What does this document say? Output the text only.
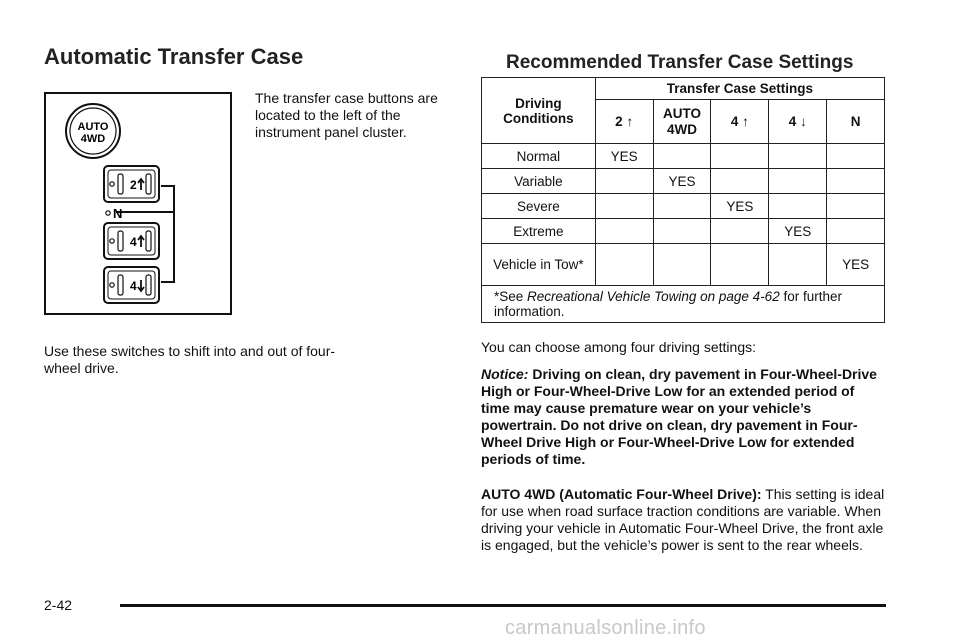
Automatic Transfer Case
AUTO
4WD
2
N
4
4
The transfer case buttons are located to the left of the instrument panel cluster.
Use these switches to shift into and out of four-wheel drive.
Recommended Transfer Case Settings
Driving Conditions	Transfer Case Settings				
	2 ↑	AUTO 4WD	4 ↑	4 ↓	N
Normal	YES				
Variable		YES			
Severe			YES		
Extreme				YES	
Vehicle in Tow*					YES
*See Recreational Vehicle Towing on page 4-62 for further information.					
You can choose among four driving settings:
Notice: Driving on clean, dry pavement in Four-Wheel-Drive High or Four-Wheel-Drive Low for an extended period of time may cause premature wear on your vehicle’s powertrain. Do not drive on clean, dry pavement in Four-Wheel Drive High or Four-Wheel-Drive Low for extended periods of time.
AUTO 4WD (Automatic Four-Wheel Drive): This setting is ideal for use when road surface traction conditions are variable. When driving your vehicle in Automatic Four-Wheel Drive, the front axle is engaged, but the vehicle’s power is sent to the rear wheels.
2-42
carmanualsonline.info
